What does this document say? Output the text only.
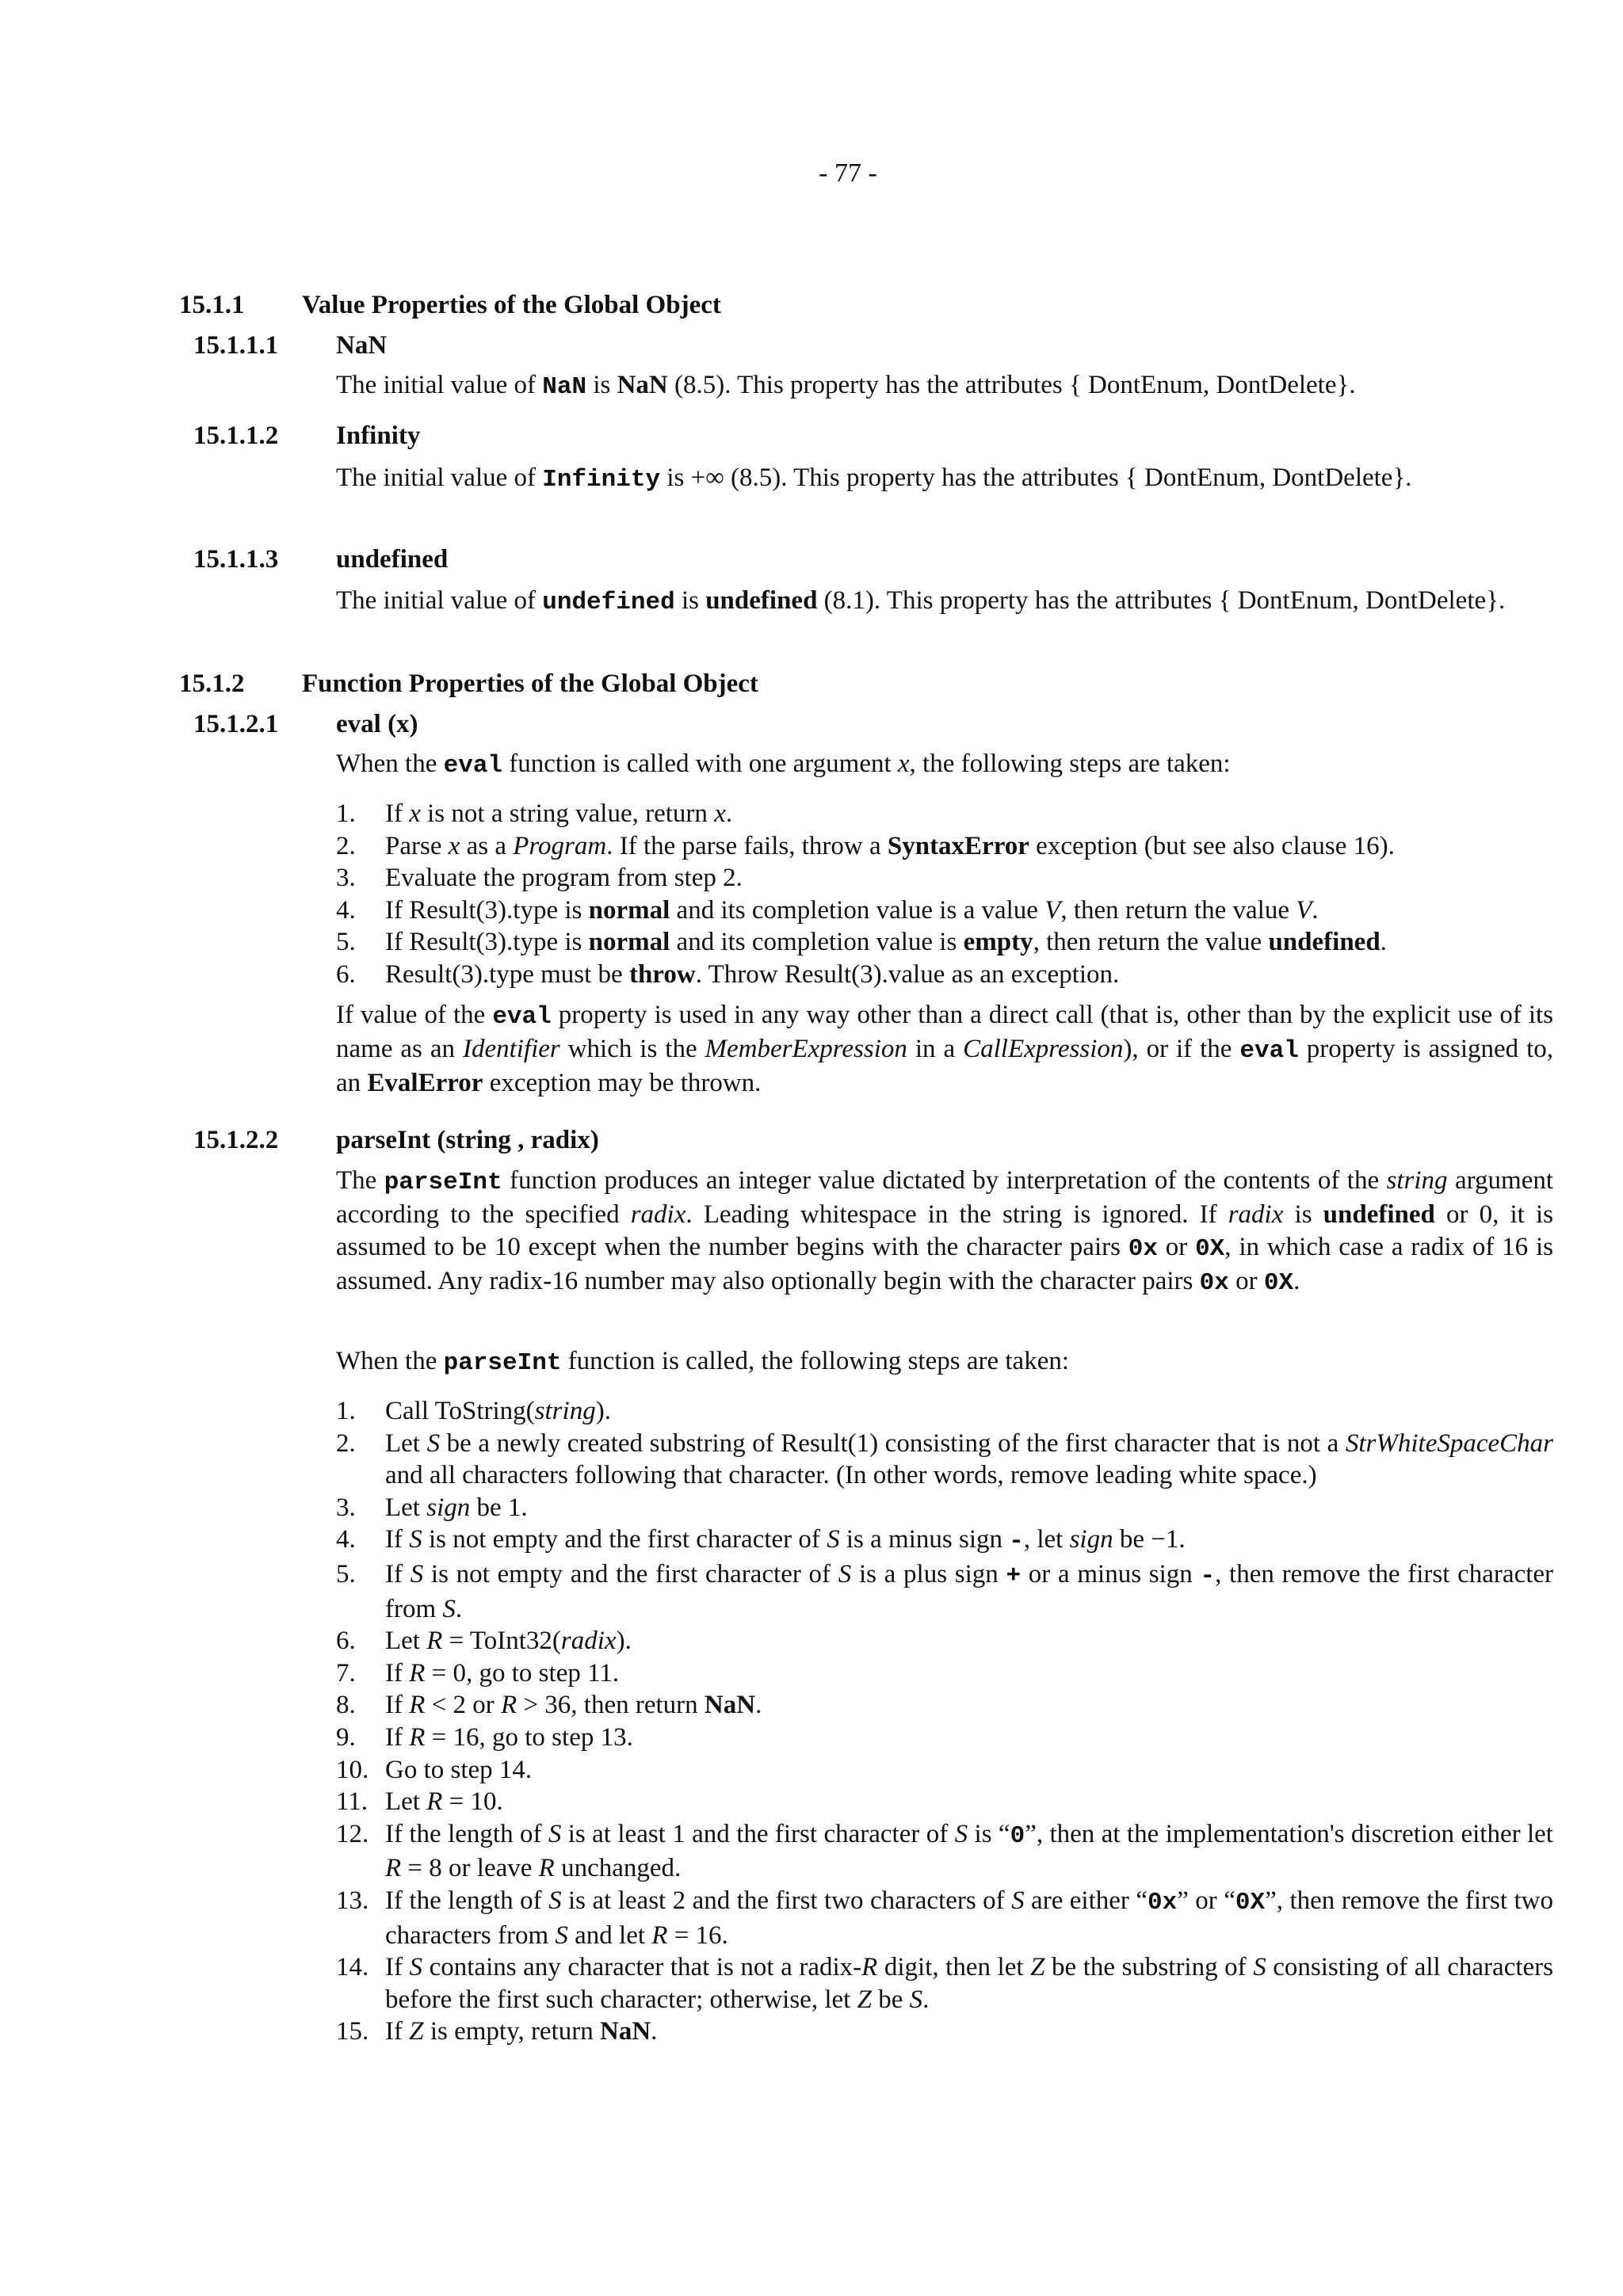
- 77 -
15.1.1 Value Properties of the Global Object
15.1.1.1 NaN
The initial value of NaN is NaN (8.5). This property has the attributes { DontEnum, DontDelete}.
15.1.1.2 Infinity
The initial value of Infinity is +∞ (8.5). This property has the attributes { DontEnum, DontDelete}.
15.1.1.3 undefined
The initial value of undefined is undefined (8.1). This property has the attributes { DontEnum, DontDelete}.
15.1.2 Function Properties of the Global Object
15.1.2.1 eval (x)
When the eval function is called with one argument x, the following steps are taken:
1. If x is not a string value, return x.
2. Parse x as a Program. If the parse fails, throw a SyntaxError exception (but see also clause 16).
3. Evaluate the program from step 2.
4. If Result(3).type is normal and its completion value is a value V, then return the value V.
5. If Result(3).type is normal and its completion value is empty, then return the value undefined.
6. Result(3).type must be throw. Throw Result(3).value as an exception.
If value of the eval property is used in any way other than a direct call (that is, other than by the explicit use of its name as an Identifier which is the MemberExpression in a CallExpression), or if the eval property is assigned to, an EvalError exception may be thrown.
15.1.2.2 parseInt (string , radix)
The parseInt function produces an integer value dictated by interpretation of the contents of the string argument according to the specified radix. Leading whitespace in the string is ignored. If radix is undefined or 0, it is assumed to be 10 except when the number begins with the character pairs 0x or 0X, in which case a radix of 16 is assumed. Any radix-16 number may also optionally begin with the character pairs 0x or 0X.
When the parseInt function is called, the following steps are taken:
1. Call ToString(string).
2. Let S be a newly created substring of Result(1) consisting of the first character that is not a StrWhiteSpaceChar and all characters following that character. (In other words, remove leading white space.)
3. Let sign be 1.
4. If S is not empty and the first character of S is a minus sign -, let sign be −1.
5. If S is not empty and the first character of S is a plus sign + or a minus sign -, then remove the first character from S.
6. Let R = ToInt32(radix).
7. If R = 0, go to step 11.
8. If R < 2 or R > 36, then return NaN.
9. If R = 16, go to step 13.
10. Go to step 14.
11. Let R = 10.
12. If the length of S is at least 1 and the first character of S is “0”, then at the implementation's discretion either let R = 8 or leave R unchanged.
13. If the length of S is at least 2 and the first two characters of S are either “0x” or “0X”, then remove the first two characters from S and let R = 16.
14. If S contains any character that is not a radix-R digit, then let Z be the substring of S consisting of all characters before the first such character; otherwise, let Z be S.
15. If Z is empty, return NaN.
